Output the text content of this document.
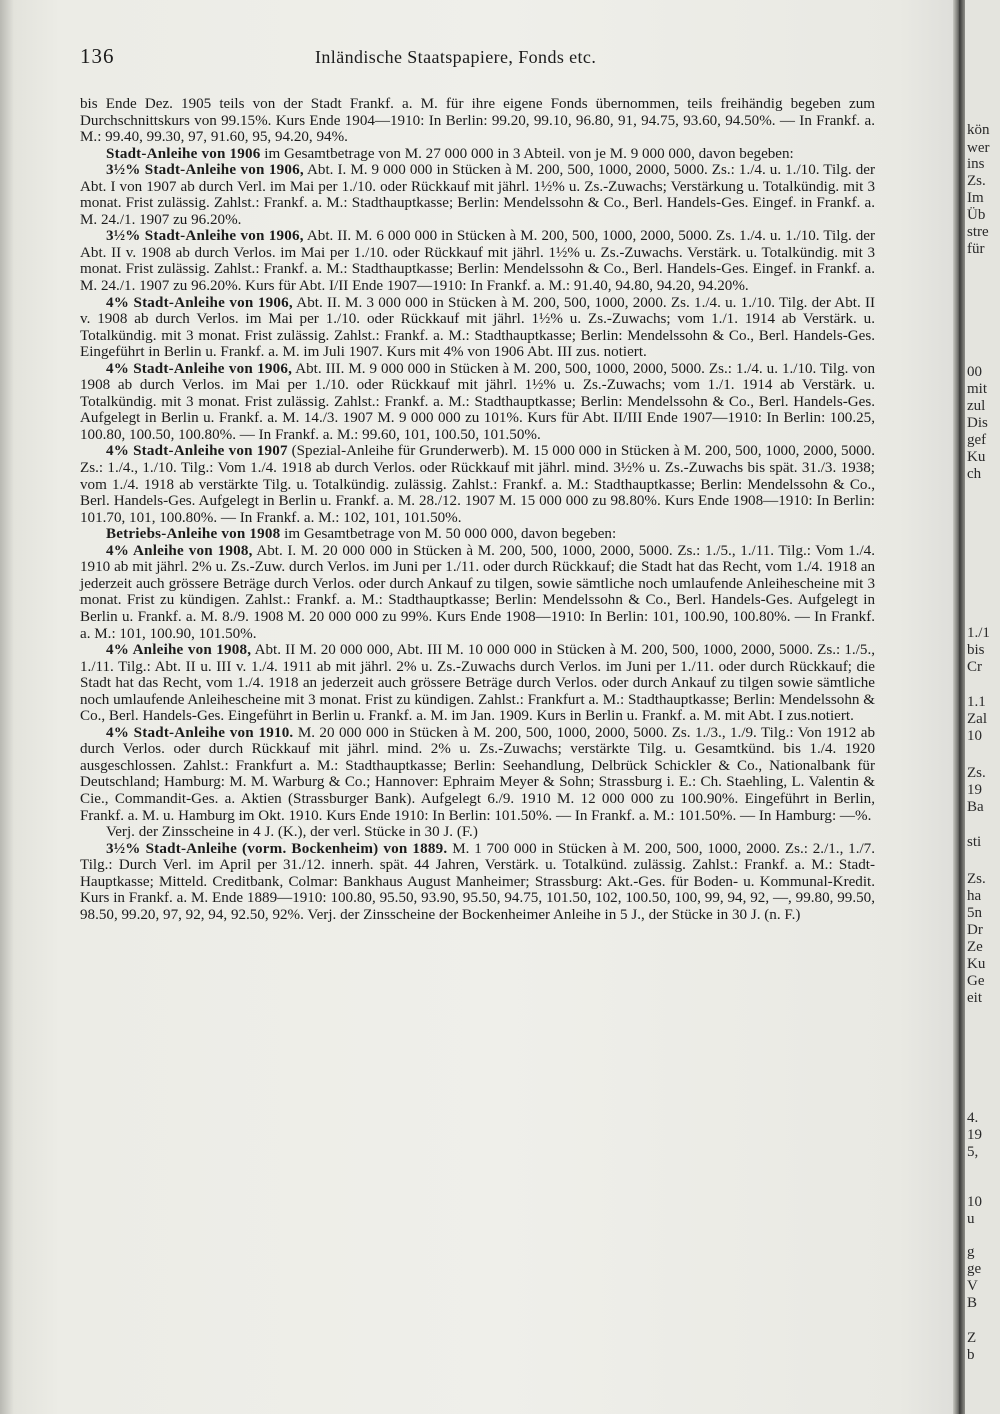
136	Inländische Staatspapiere, Fonds etc.

bis Ende Dez. 1905 teils von der Stadt Frankf. a. M. für ihre eigene Fonds übernommen, teils freihändig begeben zum Durchschnittskurs von 99.15%. Kurs Ende 1904—1910: In Berlin: 99.20, 99.10, 96.80, 91, 94.75, 93.60, 94.50%. — In Frankf. a. M.: 99.40, 99.30, 97, 91.60, 95, 94.20, 94%.

Stadt-Anleihe von 1906 im Gesamtbetrage von M. 27 000 000 in 3 Abteil. von je M. 9 000 000, davon begeben:

3½% Stadt-Anleihe von 1906, Abt. I. M. 9 000 000 in Stücken à M. 200, 500, 1000, 2000, 5000. Zs.: 1./4. u. 1./10. Tilg. der Abt. I von 1907 ab durch Verl. im Mai per 1./10. oder Rückkauf mit jährl. 1½% u. Zs.-Zuwachs; Verstärkung u. Totalkündig. mit 3 monat. Frist zulässig. Zahlst.: Frankf. a. M.: Stadthauptkasse; Berlin: Mendelssohn & Co., Berl. Handels-Ges. Eingef. in Frankf. a. M. 24./1. 1907 zu 96.20%.

3½% Stadt-Anleihe von 1906, Abt. II. M. 6 000 000 in Stücken à M. 200, 500, 1000, 2000, 5000. Zs. 1./4. u. 1./10. Tilg. der Abt. II v. 1908 ab durch Verlos. im Mai per 1./10. oder Rückkauf mit jährl. 1½% u. Zs.-Zuwachs. Verstärk. u. Totalkündig. mit 3 monat. Frist zulässig. Zahlst.: Frankf. a. M.: Stadthauptkasse; Berlin: Mendelssohn & Co., Berl. Handels-Ges. Eingef. in Frankf. a. M. 24./1. 1907 zu 96.20%. Kurs für Abt. I/II Ende 1907—1910: In Frankf. a. M.: 91.40, 94.80, 94.20, 94.20%.

4% Stadt-Anleihe von 1906, Abt. II. M. 3 000 000 in Stücken à M. 200, 500, 1000, 2000. Zs. 1./4. u. 1./10. Tilg. der Abt. II v. 1908 ab durch Verlos. im Mai per 1./10. oder Rückkauf mit jährl. 1½% u. Zs.-Zuwachs; vom 1./1. 1914 ab Verstärk. u. Totalkündig. mit 3 monat. Frist zulässig. Zahlst.: Frankf. a. M.: Stadthauptkasse; Berlin: Mendelssohn & Co., Berl. Handels-Ges. Eingeführt in Berlin u. Frankf. a. M. im Juli 1907. Kurs mit 4% von 1906 Abt. III zus. notiert.

4% Stadt-Anleihe von 1906, Abt. III. M. 9 000 000 in Stücken à M. 200, 500, 1000, 2000, 5000. Zs.: 1./4. u. 1./10. Tilg. von 1908 ab durch Verlos. im Mai per 1./10. oder Rückkauf mit jährl. 1½% u. Zs.-Zuwachs; vom 1./1. 1914 ab Verstärk. u. Totalkündig. mit 3 monat. Frist zulässig. Zahlst.: Frankf. a. M.: Stadthauptkasse; Berlin: Mendelssohn & Co., Berl. Handels-Ges. Aufgelegt in Berlin u. Frankf. a. M. 14./3. 1907 M. 9 000 000 zu 101%. Kurs für Abt. II/III Ende 1907—1910: In Berlin: 100.25, 100.80, 100.50, 100.80%. — In Frankf. a. M.: 99.60, 101, 100.50, 101.50%.

4% Stadt-Anleihe von 1907 (Spezial-Anleihe für Grunderwerb). M. 15 000 000 in Stücken à M. 200, 500, 1000, 2000, 5000. Zs.: 1./4., 1./10. Tilg.: Vom 1./4. 1918 ab durch Verlos. oder Rückkauf mit jährl. mind. 3½% u. Zs.-Zuwachs bis spät. 31./3. 1938; vom 1./4. 1918 ab verstärkte Tilg. u. Totalkündig. zulässig. Zahlst.: Frankf. a. M.: Stadthauptkasse; Berlin: Mendelssohn & Co., Berl. Handels-Ges. Aufgelegt in Berlin u. Frankf. a. M. 28./12. 1907 M. 15 000 000 zu 98.80%. Kurs Ende 1908—1910: In Berlin: 101.70, 101, 100.80%. — In Frankf. a. M.: 102, 101, 101.50%.

Betriebs-Anleihe von 1908 im Gesamtbetrage von M. 50 000 000, davon begeben:

4% Anleihe von 1908, Abt. I. M. 20 000 000 in Stücken à M. 200, 500, 1000, 2000, 5000. Zs.: 1./5., 1./11. Tilg.: Vom 1./4. 1910 ab mit jährl. 2% u. Zs.-Zuw. durch Verlos. im Juni per 1./11. oder durch Rückkauf; die Stadt hat das Recht, vom 1./4. 1918 an jederzeit auch grössere Beträge durch Verlos. oder durch Ankauf zu tilgen, sowie sämtliche noch umlaufende Anleihescheine mit 3 monat. Frist zu kündigen. Zahlst.: Frankf. a. M.: Stadthauptkasse; Berlin: Mendelssohn & Co., Berl. Handels-Ges. Aufgelegt in Berlin u. Frankf. a. M. 8./9. 1908 M. 20 000 000 zu 99%. Kurs Ende 1908—1910: In Berlin: 101, 100.90, 100.80%. — In Frankf. a. M.: 101, 100.90, 101.50%.

4% Anleihe von 1908, Abt. II M. 20 000 000, Abt. III M. 10 000 000 in Stücken à M. 200, 500, 1000, 2000, 5000. Zs.: 1./5., 1./11. Tilg.: Abt. II u. III v. 1./4. 1911 ab mit jährl. 2% u. Zs.-Zuwachs durch Verlos. im Juni per 1./11. oder durch Rückkauf; die Stadt hat das Recht, vom 1./4. 1918 an jederzeit auch grössere Beträge durch Verlos. oder durch Ankauf zu tilgen sowie sämtliche noch umlaufende Anleihescheine mit 3 monat. Frist zu kündigen. Zahlst.: Frankfurt a. M.: Stadthauptkasse; Berlin: Mendelssohn & Co., Berl. Handels-Ges. Eingeführt in Berlin u. Frankf. a. M. im Jan. 1909. Kurs in Berlin u. Frankf. a. M. mit Abt. I zus.notiert.

4% Stadt-Anleihe von 1910. M. 20 000 000 in Stücken à M. 200, 500, 1000, 2000, 5000. Zs. 1./3., 1./9. Tilg.: Von 1912 ab durch Verlos. oder durch Rückkauf mit jährl. mind. 2% u. Zs.-Zuwachs; verstärkte Tilg. u. Gesamtkünd. bis 1./4. 1920 ausgeschlossen. Zahlst.: Frankfurt a. M.: Stadthauptkasse; Berlin: Seehandlung, Delbrück Schickler & Co., Nationalbank für Deutschland; Hamburg: M. M. Warburg & Co.; Hannover: Ephraim Meyer & Sohn; Strassburg i. E.: Ch. Staehling, L. Valentin & Cie., Commandit-Ges. a. Aktien (Strassburger Bank). Aufgelegt 6./9. 1910 M. 12 000 000 zu 100.90%. Eingeführt in Berlin, Frankf. a. M. u. Hamburg im Okt. 1910. Kurs Ende 1910: In Berlin: 101.50%. — In Frankf. a. M.: 101.50%. — In Hamburg: —%.

Verj. der Zinsscheine in 4 J. (K.), der verl. Stücke in 30 J. (F.)

3½% Stadt-Anleihe (vorm. Bockenheim) von 1889. M. 1 700 000 in Stücken à M. 200, 500, 1000, 2000. Zs.: 2./1., 1./7. Tilg.: Durch Verl. im April per 31./12. innerh. spät. 44 Jahren, Verstärk. u. Totalkünd. zulässig. Zahlst.: Frankf. a. M.: Stadt-Hauptkasse; Mitteld. Creditbank, Colmar: Bankhaus August Manheimer; Strassburg: Akt.-Ges. für Boden- u. Kommunal-Kredit. Kurs in Frankf. a. M. Ende 1889—1910: 100.80, 95.50, 93.90, 95.50, 94.75, 101.50, 102, 100.50, 100, 99, 94, 92, —, 99.80, 99.50, 98.50, 99.20, 97, 92, 94, 92.50, 92%. Verj. der Zinsscheine der Bockenheimer Anleihe in 5 J., der Stücke in 30 J. (n. F.)

kön
wer
ins
Zs.
Im
Üb
stre
für
00
mit
zul
Dis
gef
Ku
ch
1./1
bis
Cr
1.1
Zal
10
Zs.
19
Ba
sti
Zs.
ha
5n
Dr
Ze
Ku
Ge
eit
4.
19
5,
10
u
g
ge
V
B
Z
b
